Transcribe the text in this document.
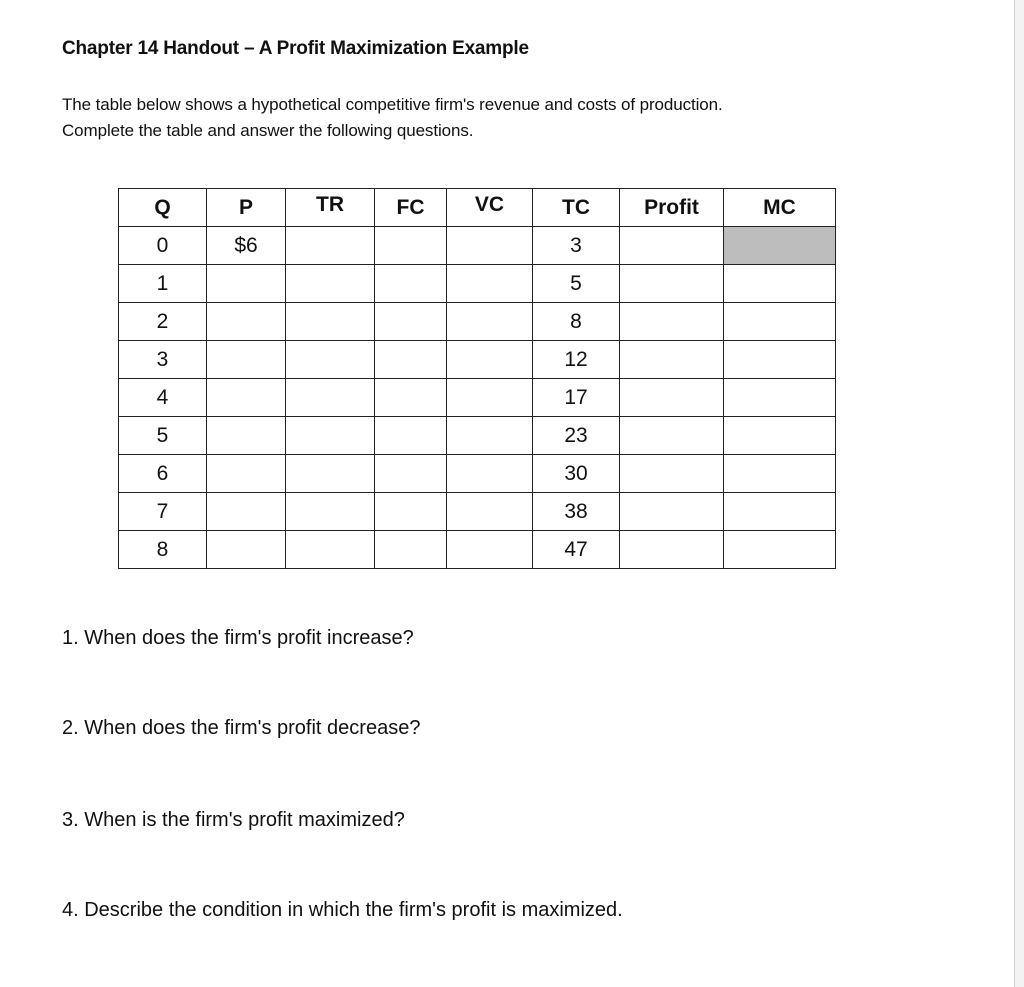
Chapter 14 Handout – A Profit Maximization Example
The table below shows a hypothetical competitive firm's revenue and costs of production.
Complete the table and answer the following questions.
Q	P	TR	FC	VC	TC	Profit	MC
0	$6				3		
1					5		
2					8		
3					12		
4					17		
5					23		
6					30		
7					38		
8					47		
1. When does the firm's profit increase?
2. When does the firm's profit decrease?
3. When is the firm's profit maximized?
4. Describe the condition in which the firm's profit is maximized.
